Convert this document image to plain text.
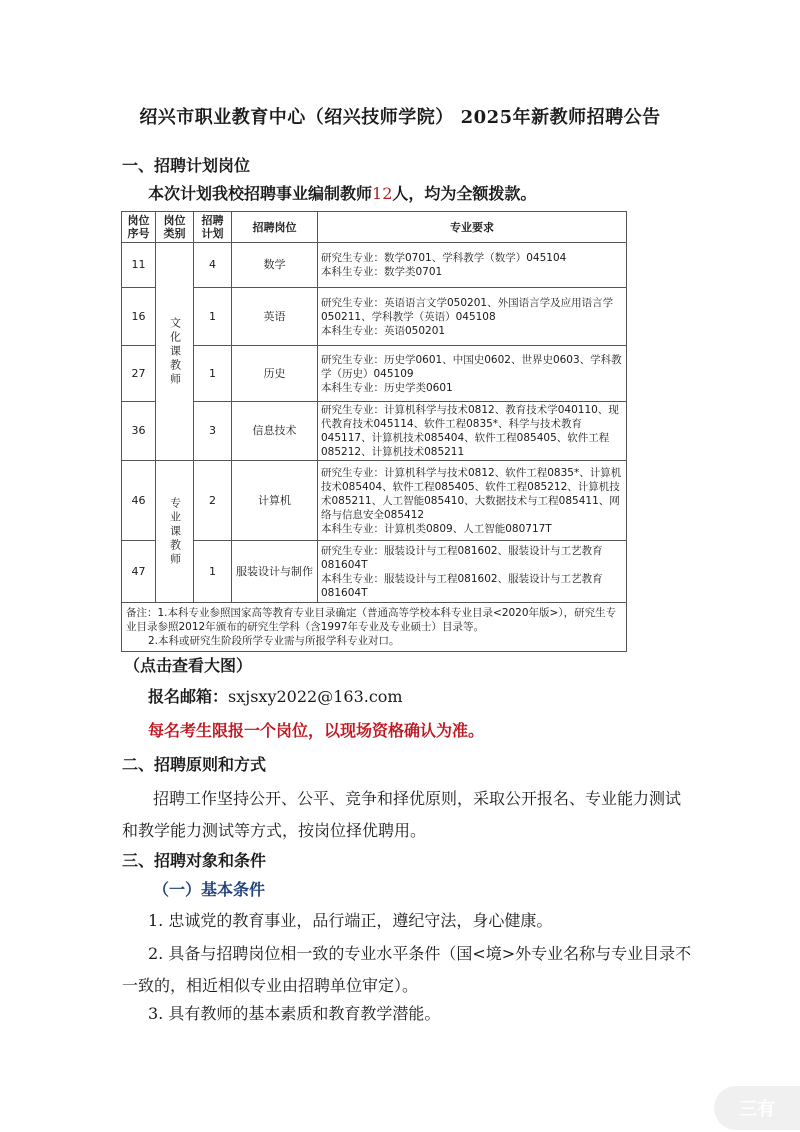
绍兴市职业教育中心（绍兴技师学院） 2025年新教师招聘公告
一、招聘计划岗位
本次计划我校招聘事业编制教师12人，均为全额拨款。
岗位序号	岗位类别	招聘计划	招聘岗位	专业要求
11	文化课教师	4	数学	研究生专业：数学0701、学科教学（数学）045104
本科生专业：数学类0701

16		1	英语	研究生专业：英语语言文学050201、外国语言学及应用语言学050211、学科教学（英语）045108
本科生专业：英语050201

27		1	历史	研究生专业：历史学0601、中国史0602、世界史0603、学科教学（历史）045109
本科生专业：历史学类0601

36		3	信息技术	研究生专业：计算机科学与技术0812、教育技术学040110、现代教育技术045114、软件工程0835*、科学与技术教育045117、计算机技术085404、软件工程085405、软件工程085212、计算机技术085211

46	专业课教师	2	计算机	研究生专业：计算机科学与技术0812、软件工程0835*、计算机技术085404、软件工程085405、软件工程085212、计算机技术085211、人工智能085410、大数据技术与工程085411、网络与信息安全085412
本科生专业：计算机类0809、人工智能080717T

47		1	服装设计与制作	研究生专业：服装设计与工程081602、服装设计与工艺教育081604T
本科生专业：服装设计与工程081602、服装设计与工艺教育081604T

备注：1.本科专业参照国家高等教育专业目录确定（普通高等学校本科专业目录<2020年版>），研究生专业目录参照2012年颁布的研究生学科（含1997年专业及专业硕士）目录等。
2.本科或研究生阶段所学专业需与所报学科专业对口。				
（点击查看大图）
报名邮箱：sxjsxy2022@163.com
每名考生限报一个岗位，以现场资格确认为准。
二、招聘原则和方式
招聘工作坚持公开、公平、竞争和择优原则，采取公开报名、专业能力测试和教学能力测试等方式，按岗位择优聘用。
三、招聘对象和条件
（一）基本条件
1. 忠诚党的教育事业，品行端正，遵纪守法，身心健康。
2. 具备与招聘岗位相一致的专业水平条件（国<境>外专业名称与专业目录不一致的，相近相似专业由招聘单位审定）。
3. 具有教师的基本素质和教育教学潜能。
三有
